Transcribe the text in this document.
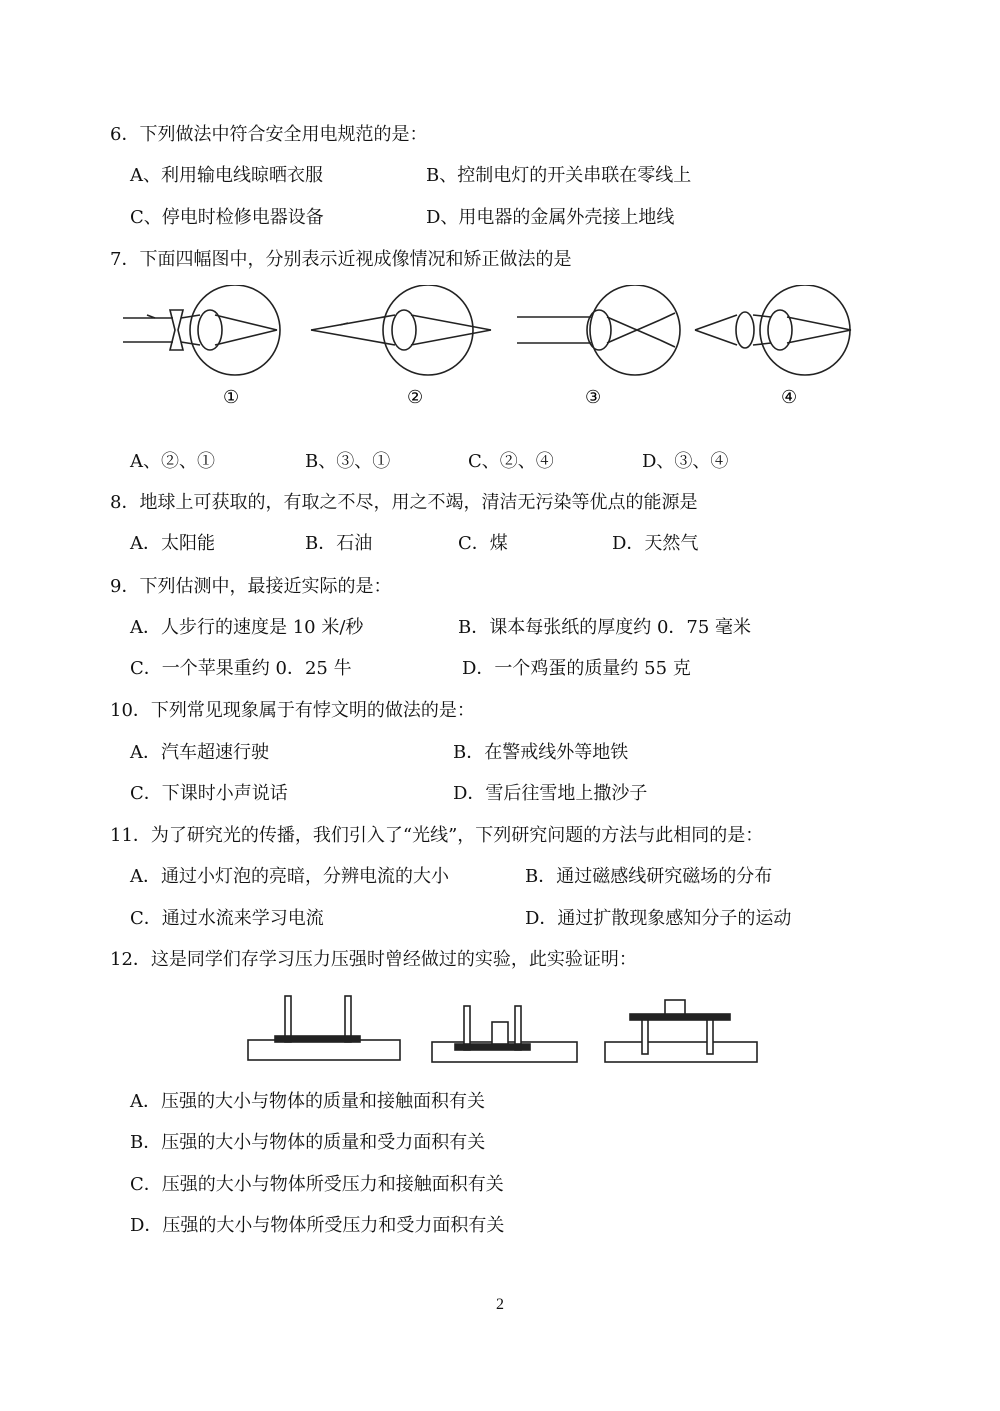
6．下列做法中符合安全用电规范的是：
A、利用输电线晾晒衣服	B、控制电灯的开关串联在零线上
C、停电时检修电器设备	D、用电器的金属外壳接上地线
7．下面四幅图中，分别表示近视成像情况和矫正做法的是
①	②	③	④
A、②、①	B、③、①	C、②、④	D、③、④
8．地球上可获取的，有取之不尽，用之不竭，清洁无污染等优点的能源是
A．太阳能	B．石油	C．煤	D．天然气
9．下列估测中，最接近实际的是：
A．人步行的速度是 10 米/秒	B．课本每张纸的厚度约 0．75 毫米
C．一个苹果重约 0．25 牛	D．一个鸡蛋的质量约 55 克
10．下列常见现象属于有悖文明的做法的是：
A．汽车超速行驶	B．在警戒线外等地铁
C．下课时小声说话	D．雪后往雪地上撒沙子
11．为了研究光的传播，我们引入了“光线”，下列研究问题的方法与此相同的是：
A．通过小灯泡的亮暗，分辨电流的大小	B．通过磁感线研究磁场的分布
C．通过水流来学习电流	D．通过扩散现象感知分子的运动
12．这是同学们存学习压力压强时曾经做过的实验，此实验证明：
A．压强的大小与物体的质量和接触面积有关
B．压强的大小与物体的质量和受力面积有关
C．压强的大小与物体所受压力和接触面积有关
D．压强的大小与物体所受压力和受力面积有关
2
